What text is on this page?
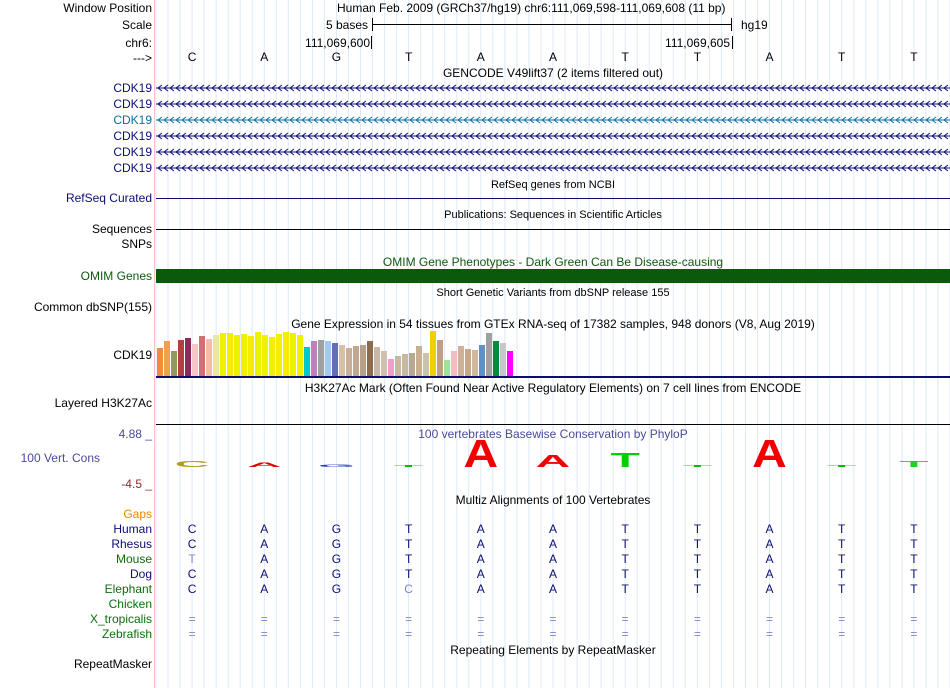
Window Position	Human Feb. 2009 (GRCh37/hg19) chr6:111,069,598-111,069,608 (11 bp)
Scale	5 bases	hg19
chr6:	111,069,600	111,069,605
--->	C	A	G	T	A	A	T	T	A	T	T
GENCODE V49lift37 (2 items filtered out)
CDK19
CDK19
CDK19
CDK19
CDK19
CDK19
RefSeq genes from NCBI
RefSeq Curated
Publications: Sequences in Scientific Articles
Sequences
SNPs
OMIM Gene Phenotypes - Dark Green Can Be Disease-causing
OMIM Genes
Short Genetic Variants from dbSNP release 155
Common dbSNP(155)
Gene Expression in 54 tissues from GTEx RNA-seq of 17382 samples, 948 donors (V8, Aug 2019)
CDK19
H3K27Ac Mark (Often Found Near Active Regulatory Elements) on 7 cell lines from ENCODE
Layered H3K27Ac
100 vertebrates Basewise Conservation by PhyloP
4.88 _
100 Vert. Cons
-4.5 _
C A G T A A T T A T T
Multiz Alignments of 100 Vertebrates
Gaps
Human	C	A	G	T	A	A	T	T	A	T	T
Rhesus	C	A	G	T	A	A	T	T	A	T	T
Mouse	T	A	G	T	A	A	T	T	A	T	T
Dog	C	A	G	T	A	A	T	T	A	T	T
Elephant	C	A	G	C	A	A	T	T	A	T	T
Chicken
X_tropicalis	=	=	=	=	=	=	=	=	=	=	=
Zebrafish	=	=	=	=	=	=	=	=	=	=	=
Repeating Elements by RepeatMasker
RepeatMasker
